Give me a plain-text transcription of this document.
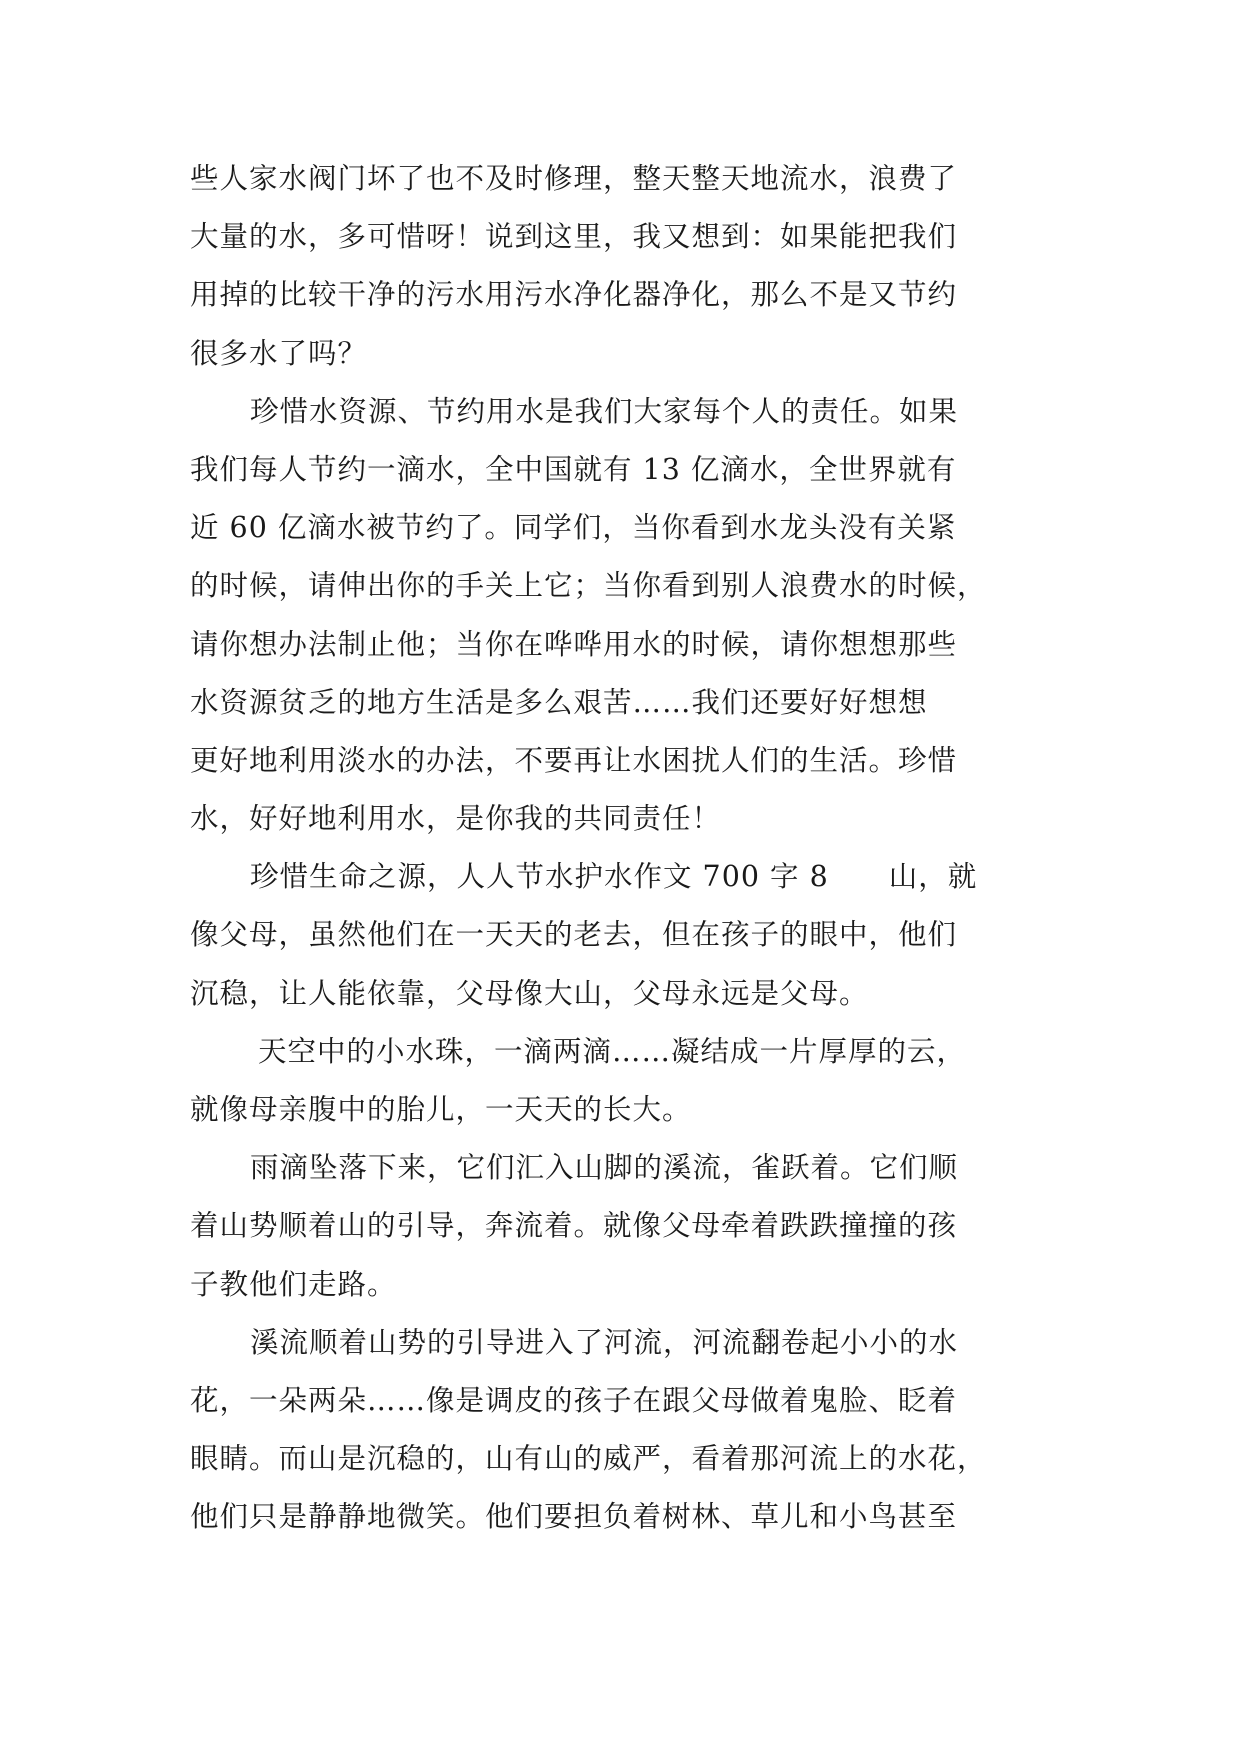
些人家水阀门坏了也不及时修理，整天整天地流水，浪费了
大量的水，多可惜呀！说到这里，我又想到：如果能把我们
用掉的比较干净的污水用污水净化器净化，那么不是又节约
很多水了吗？
珍惜水资源、节约用水是我们大家每个人的责任。如果
我们每人节约一滴水，全中国就有 13 亿滴水，全世界就有
近 60 亿滴水被节约了。同学们，当你看到水龙头没有关紧
的时候，请伸出你的手关上它；当你看到别人浪费水的时候，
请你想办法制止他；当你在哗哗用水的时候，请你想想那些
水资源贫乏的地方生活是多么艰苦……我们还要好好想想
更好地利用淡水的办法，不要再让水困扰人们的生活。珍惜
水，好好地利用水，是你我的共同责任！
珍惜生命之源，人人节水护水作文 700 字 8 山，就
像父母，虽然他们在一天天的老去，但在孩子的眼中，他们
沉稳，让人能依靠，父母像大山，父母永远是父母。
天空中的小水珠，一滴两滴……凝结成一片厚厚的云，
就像母亲腹中的胎儿，一天天的长大。
雨滴坠落下来，它们汇入山脚的溪流，雀跃着。它们顺
着山势顺着山的引导，奔流着。就像父母牵着跌跌撞撞的孩
子教他们走路。
溪流顺着山势的引导进入了河流，河流翻卷起小小的水
花，一朵两朵……像是调皮的孩子在跟父母做着鬼脸、眨着
眼睛。而山是沉稳的，山有山的威严，看着那河流上的水花，
他们只是静静地微笑。他们要担负着树林、草儿和小鸟甚至
